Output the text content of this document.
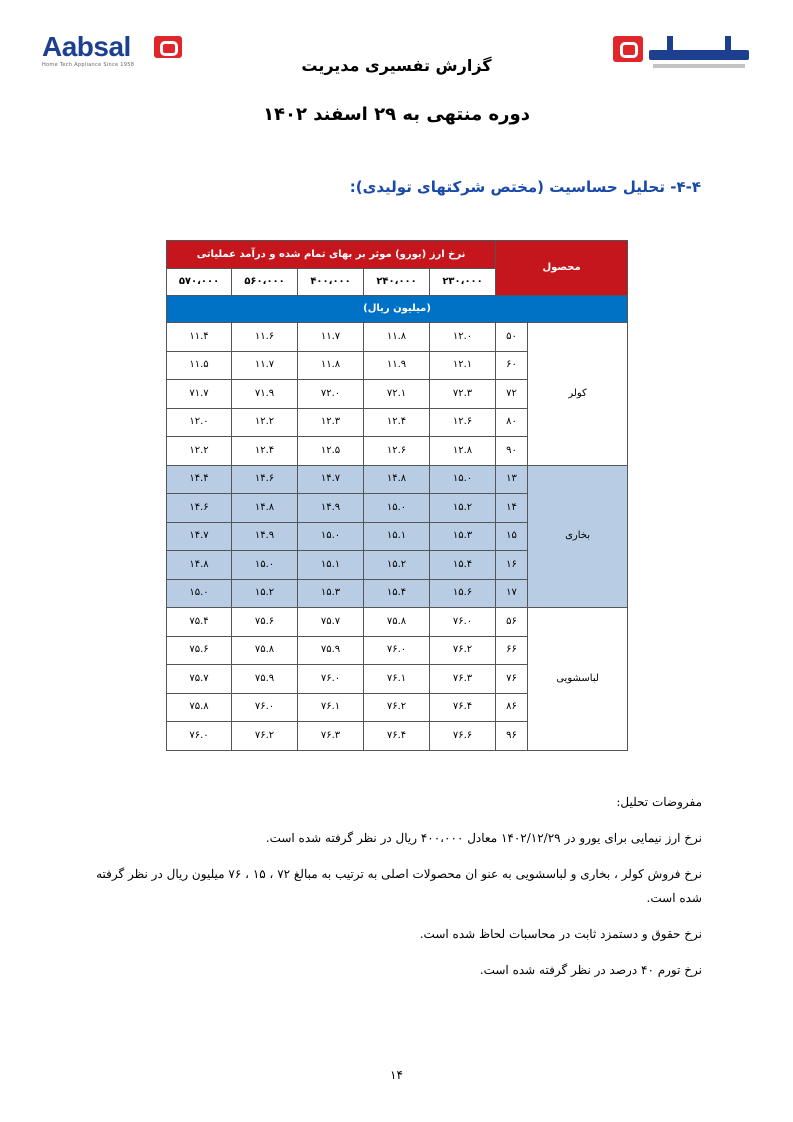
Aabsal
Home Tech Appliance Since 1958	گزارش تفسیری مدیریت
دوره منتهی به ۲۹ اسفند ۱۴۰۲
۴-۴- تحلیل حساسیت (مختص شرکتهای تولیدی):
محصول		نرخ ارز (یورو) موثر بر بهای تمام شده و درآمد عملیاتی				
		۲۳۰،۰۰۰	۲۴۰،۰۰۰	۴۰۰،۰۰۰	۵۶۰،۰۰۰	۵۷۰،۰۰۰
(میلیون ریال)						
کولر	۵۰	۱۲.۰	۱۱.۸	۱۱.۷	۱۱.۶	۱۱.۴
	۶۰	۱۲.۱	۱۱.۹	۱۱.۸	۱۱.۷	۱۱.۵
	۷۲	۷۲.۳	۷۲.۱	۷۲.۰	۷۱.۹	۷۱.۷
	۸۰	۱۲.۶	۱۲.۴	۱۲.۳	۱۲.۲	۱۲.۰
	۹۰	۱۲.۸	۱۲.۶	۱۲.۵	۱۲.۴	۱۲.۲
بخاری	۱۳	۱۵.۰	۱۴.۸	۱۴.۷	۱۴.۶	۱۴.۴
	۱۴	۱۵.۲	۱۵.۰	۱۴.۹	۱۴.۸	۱۴.۶
	۱۵	۱۵.۳	۱۵.۱	۱۵.۰	۱۴.۹	۱۴.۷
	۱۶	۱۵.۴	۱۵.۲	۱۵.۱	۱۵.۰	۱۴.۸
	۱۷	۱۵.۶	۱۵.۴	۱۵.۳	۱۵.۲	۱۵.۰
لباسشویی	۵۶	۷۶.۰	۷۵.۸	۷۵.۷	۷۵.۶	۷۵.۴
	۶۶	۷۶.۲	۷۶.۰	۷۵.۹	۷۵.۸	۷۵.۶
	۷۶	۷۶.۳	۷۶.۱	۷۶.۰	۷۵.۹	۷۵.۷
	۸۶	۷۶.۴	۷۶.۲	۷۶.۱	۷۶.۰	۷۵.۸
	۹۶	۷۶.۶	۷۶.۴	۷۶.۳	۷۶.۲	۷۶.۰

مفروضات تحلیل:

نرخ ارز نیمایی برای یورو در ۱۴۰۲/۱۲/۲۹ معادل ۴۰۰،۰۰۰ ریال در نظر گرفته شده است.

نرخ فروش کولر ، بخاری و لباسشویی به عنو ان محصولات اصلی به ترتیب به مبالغ ۷۲ ، ۱۵ ، ۷۶ میلیون ریال در نظر گرفته شده است.

نرخ حقوق و دستمزد ثابت در محاسبات لحاظ شده است.

نرخ تورم ۴۰ درصد در نظر گرفته شده است.

۱۴
